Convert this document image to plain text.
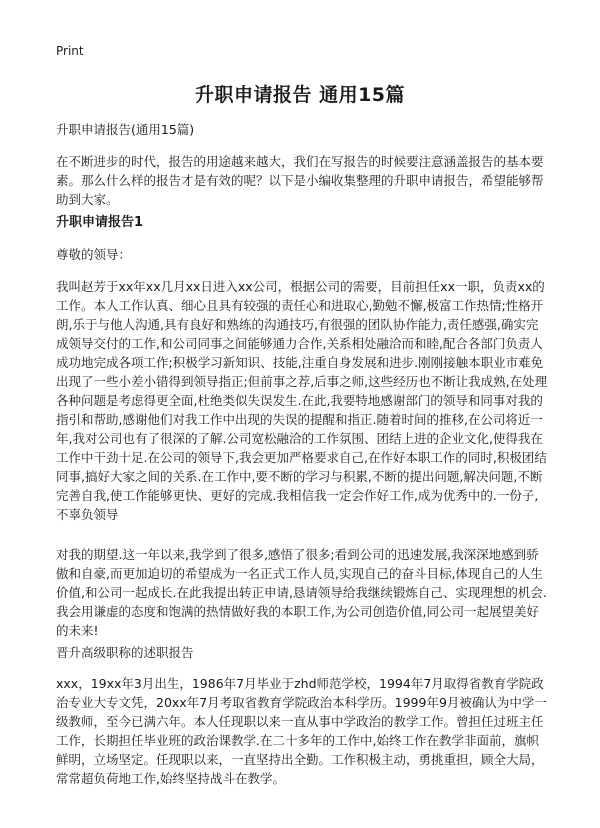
Print
升职申请报告 通用15篇

升职申请报告(通用15篇)

在不断进步的时代，报告的用途越来越大，我们在写报告的时候要注意涵盖报告的基本要素。那么什么样的报告才是有效的呢？以下是小编收集整理的升职申请报告，希望能够帮助到大家。

升职申请报告1

尊敬的领导：

我叫赵芳于xx年xx几月xx日进入xx公司，根据公司的需要，目前担任xx一职，负责xx的工作。本人工作认真、细心且具有较强的责任心和进取心,勤勉不懈,极富工作热情;性格开朗,乐于与他人沟通,具有良好和熟练的沟通技巧,有很强的团队协作能力,责任感强,确实完成领导交付的工作,和公司同事之间能够通力合作,关系相处融洽而和睦,配合各部门负责人成功地完成各项工作;积极学习新知识、技能,注重自身发展和进步.刚刚接触本职业市难免出现了一些小差小错得到领导指正;但前事之荐,后事之师,这些经历也不断让我成熟,在处理各种问题是考虑得更全面,杜绝类似失误发生.在此,我要特地感谢部门的领导和同事对我的指引和帮助,感谢他们对我工作中出现的失误的提醒和指正.随着时间的推移,在公司将近一年,我对公司也有了很深的了解.公司宽松融洽的工作氛围、团结上进的企业文化,使得我在工作中干劲十足.在公司的领导下,我会更加严格要求自己,在作好本职工作的同时,积极团结同事,搞好大家之间的关系.在工作中,要不断的学习与积累,不断的提出问题,解决问题,不断完善自我,使工作能够更快、更好的完成.我相信我一定会作好工作,成为优秀中的.一份子,不辜负领导

对我的期望.这一年以来,我学到了很多,感悟了很多;看到公司的迅速发展,我深深地感到骄傲和自豪,而更加迫切的希望成为一名正式工作人员,实现自己的奋斗目标,体现自己的人生价值,和公司一起成长.在此我提出转正申请,恳请领导给我继续锻炼自己、实现理想的机会.我会用谦虚的态度和饱满的热情做好我的本职工作,为公司创造价值,同公司一起展望美好的未来!

晋升高级职称的述职报告

xxx，19xx年3月出生，1986年7月毕业于zhd师范学校，1994年7月取得省教育学院政治专业大专文凭，20xx年7月考取省教育学院政治本科学历。1999年9月被确认为中学一级教师，至今已满六年。本人任现职以来一直从事中学政治的教学工作。曾担任过班主任工作，长期担任毕业班的政治课教学.在二十多年的工作中,始终工作在教学非面前，旗帜鲜明，立场坚定。任现职以来，一直坚持出全勤。工作积极主动，勇挑重担，顾全大局，常常超负荷地工作,始终坚持战斗在教学。
